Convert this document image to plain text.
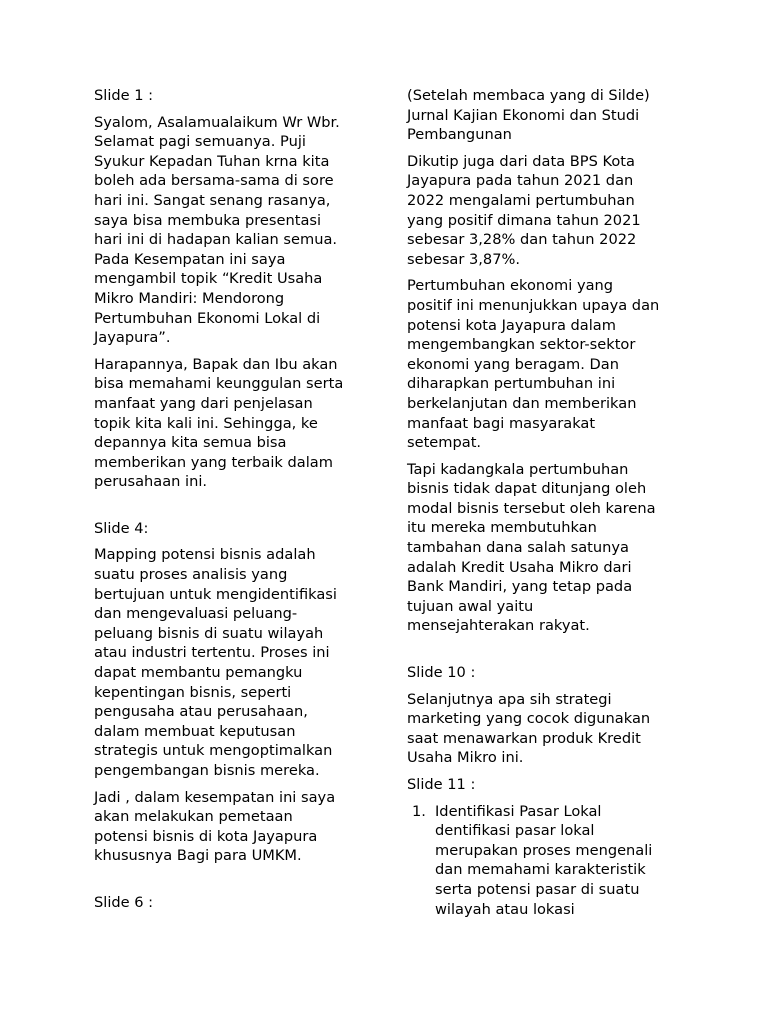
Slide 1 :

Syalom, Asalamualaikum Wr Wbr.
Selamat pagi semuanya. Puji
Syukur Kepadan Tuhan krna kita
boleh ada bersama-sama di sore
hari ini. Sangat senang rasanya,
saya bisa membuka presentasi
hari ini di hadapan kalian semua.
Pada Kesempatan ini saya
mengambil topik “Kredit Usaha
Mikro Mandiri: Mendorong
Pertumbuhan Ekonomi Lokal di
Jayapura”.

Harapannya, Bapak dan Ibu akan
bisa memahami keunggulan serta
manfaat yang dari penjelasan
topik kita kali ini. Sehingga, ke
depannya kita semua bisa
memberikan yang terbaik dalam
perusahaan ini.

Slide 4:

Mapping potensi bisnis adalah
suatu proses analisis yang
bertujuan untuk mengidentifikasi
dan mengevaluasi peluang-
peluang bisnis di suatu wilayah
atau industri tertentu. Proses ini
dapat membantu pemangku
kepentingan bisnis, seperti
pengusaha atau perusahaan,
dalam membuat keputusan
strategis untuk mengoptimalkan
pengembangan bisnis mereka.

Jadi , dalam kesempatan ini saya
akan melakukan pemetaan
potensi bisnis di kota Jayapura
khususnya Bagi para UMKM.

Slide 6 :

(Setelah membaca yang di Silde)
Jurnal Kajian Ekonomi dan Studi
Pembangunan

Dikutip juga dari data BPS Kota
Jayapura pada tahun 2021 dan
2022 mengalami pertumbuhan
yang positif dimana tahun 2021
sebesar 3,28% dan tahun 2022
sebesar 3,87%.

Pertumbuhan ekonomi yang
positif ini menunjukkan upaya dan
potensi kota Jayapura dalam
mengembangkan sektor-sektor
ekonomi yang beragam. Dan
diharapkan pertumbuhan ini
berkelanjutan dan memberikan
manfaat bagi masyarakat
setempat.

Tapi kadangkala pertumbuhan
bisnis tidak dapat ditunjang oleh
modal bisnis tersebut oleh karena
itu mereka membutuhkan
tambahan dana salah satunya
adalah Kredit Usaha Mikro dari
Bank Mandiri, yang tetap pada
tujuan awal yaitu
mensejahterakan rakyat.

Slide 10 :

Selanjutnya apa sih strategi
marketing yang cocok digunakan
saat menawarkan produk Kredit
Usaha Mikro ini.

Slide 11 :

1. Identifikasi Pasar Lokal
dentifikasi pasar lokal
merupakan proses mengenali
dan memahami karakteristik
serta potensi pasar di suatu
wilayah atau lokasi
